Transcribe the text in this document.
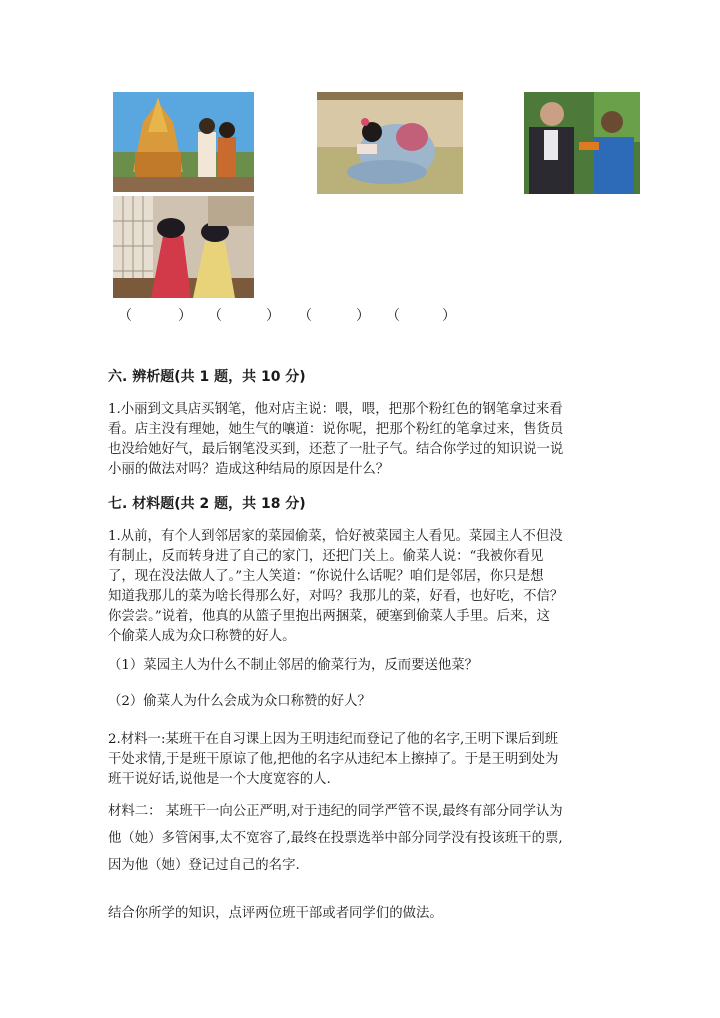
（	） （	） （	） （	）
六. 辨析题(共 1 题，共 10 分)
1.小丽到文具店买钢笔，他对店主说：喂，喂，把那个粉红色的钢笔拿过来看
看。店主没有理她，她生气的嚷道：说你呢，把那个粉红的笔拿过来，售货员
也没给她好气，最后钢笔没买到，还惹了一肚子气。结合你学过的知识说一说
小丽的做法对吗？造成这种结局的原因是什么？
七. 材料题(共 2 题，共 18 分)
1.从前，有个人到邻居家的菜园偷菜，恰好被菜园主人看见。菜园主人不但没
有制止，反而转身进了自己的家门，还把门关上。偷菜人说：“我被你看见
了，现在没法做人了。”主人笑道：“你说什么话呢？咱们是邻居，你只是想
知道我那儿的菜为啥长得那么好，对吗？我那儿的菜，好看，也好吃，不信？
你尝尝。”说着，他真的从篮子里抱出两捆菜，硬塞到偷菜人手里。后来，这
个偷菜人成为众口称赞的好人。
（1）菜园主人为什么不制止邻居的偷菜行为，反而要送他菜？
（2）偷菜人为什么会成为众口称赞的好人？
2.材料一:某班干在自习课上因为王明违纪而登记了他的名字,王明下课后到班
干处求情,于是班干原谅了他,把他的名字从违纪本上擦掉了。于是王明到处为
班干说好话,说他是一个大度宽容的人.
材料二： 某班干一向公正严明,对于违纪的同学严管不误,最终有部分同学认为
他（她）多管闲事,太不宽容了,最终在投票选举中部分同学没有投该班干的票,
因为他（她）登记过自己的名字.
结合你所学的知识，点评两位班干部或者同学们的做法。
